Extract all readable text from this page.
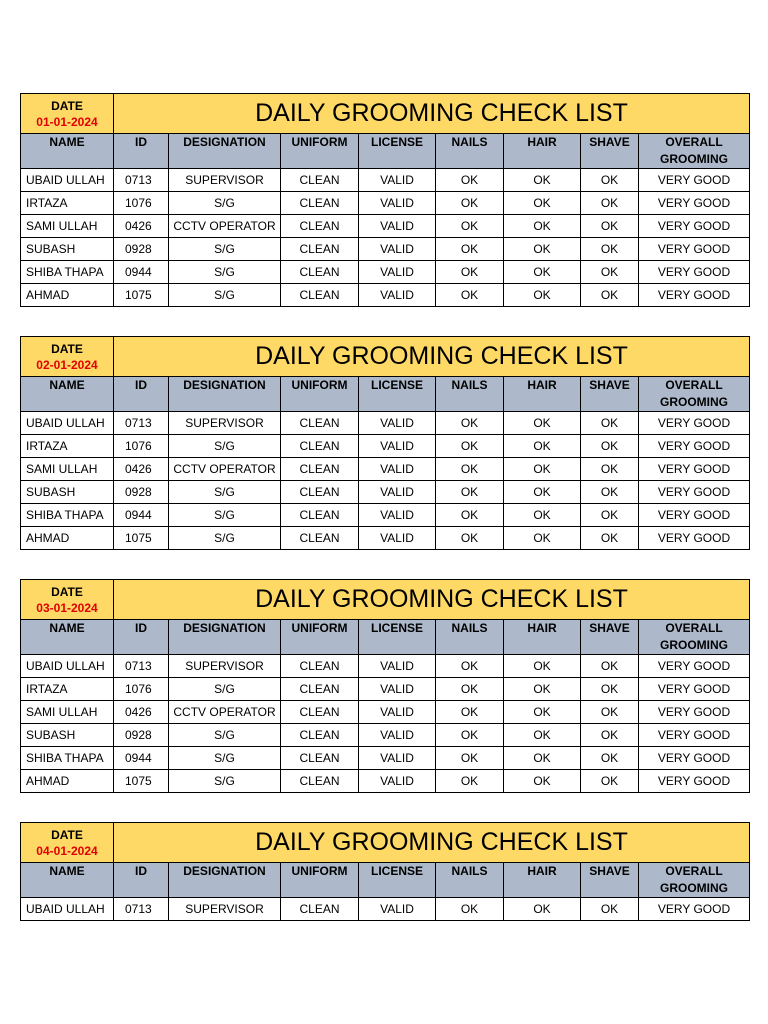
DATE
01-01-2024	DAILY GROOMING CHECK LIST							
NAME	ID	DESIGNATION	UNIFORM	LICENSE	NAILS	HAIR	SHAVE	OVERALL GROOMING
UBAID ULLAH	0713	SUPERVISOR	CLEAN	VALID	OK	OK	OK	VERY GOOD
IRTAZA	1076	S/G	CLEAN	VALID	OK	OK	OK	VERY GOOD
SAMI ULLAH	0426	CCTV OPERATOR	CLEAN	VALID	OK	OK	OK	VERY GOOD
SUBASH	0928	S/G	CLEAN	VALID	OK	OK	OK	VERY GOOD
SHIBA THAPA	0944	S/G	CLEAN	VALID	OK	OK	OK	VERY GOOD
AHMAD	1075	S/G	CLEAN	VALID	OK	OK	OK	VERY GOOD
DATE
02-01-2024	DAILY GROOMING CHECK LIST							
NAME	ID	DESIGNATION	UNIFORM	LICENSE	NAILS	HAIR	SHAVE	OVERALL GROOMING
UBAID ULLAH	0713	SUPERVISOR	CLEAN	VALID	OK	OK	OK	VERY GOOD
IRTAZA	1076	S/G	CLEAN	VALID	OK	OK	OK	VERY GOOD
SAMI ULLAH	0426	CCTV OPERATOR	CLEAN	VALID	OK	OK	OK	VERY GOOD
SUBASH	0928	S/G	CLEAN	VALID	OK	OK	OK	VERY GOOD
SHIBA THAPA	0944	S/G	CLEAN	VALID	OK	OK	OK	VERY GOOD
AHMAD	1075	S/G	CLEAN	VALID	OK	OK	OK	VERY GOOD
DATE
03-01-2024	DAILY GROOMING CHECK LIST							
NAME	ID	DESIGNATION	UNIFORM	LICENSE	NAILS	HAIR	SHAVE	OVERALL GROOMING
UBAID ULLAH	0713	SUPERVISOR	CLEAN	VALID	OK	OK	OK	VERY GOOD
IRTAZA	1076	S/G	CLEAN	VALID	OK	OK	OK	VERY GOOD
SAMI ULLAH	0426	CCTV OPERATOR	CLEAN	VALID	OK	OK	OK	VERY GOOD
SUBASH	0928	S/G	CLEAN	VALID	OK	OK	OK	VERY GOOD
SHIBA THAPA	0944	S/G	CLEAN	VALID	OK	OK	OK	VERY GOOD
AHMAD	1075	S/G	CLEAN	VALID	OK	OK	OK	VERY GOOD
DATE
04-01-2024	DAILY GROOMING CHECK LIST							
NAME	ID	DESIGNATION	UNIFORM	LICENSE	NAILS	HAIR	SHAVE	OVERALL GROOMING
UBAID ULLAH	0713	SUPERVISOR	CLEAN	VALID	OK	OK	OK	VERY GOOD
